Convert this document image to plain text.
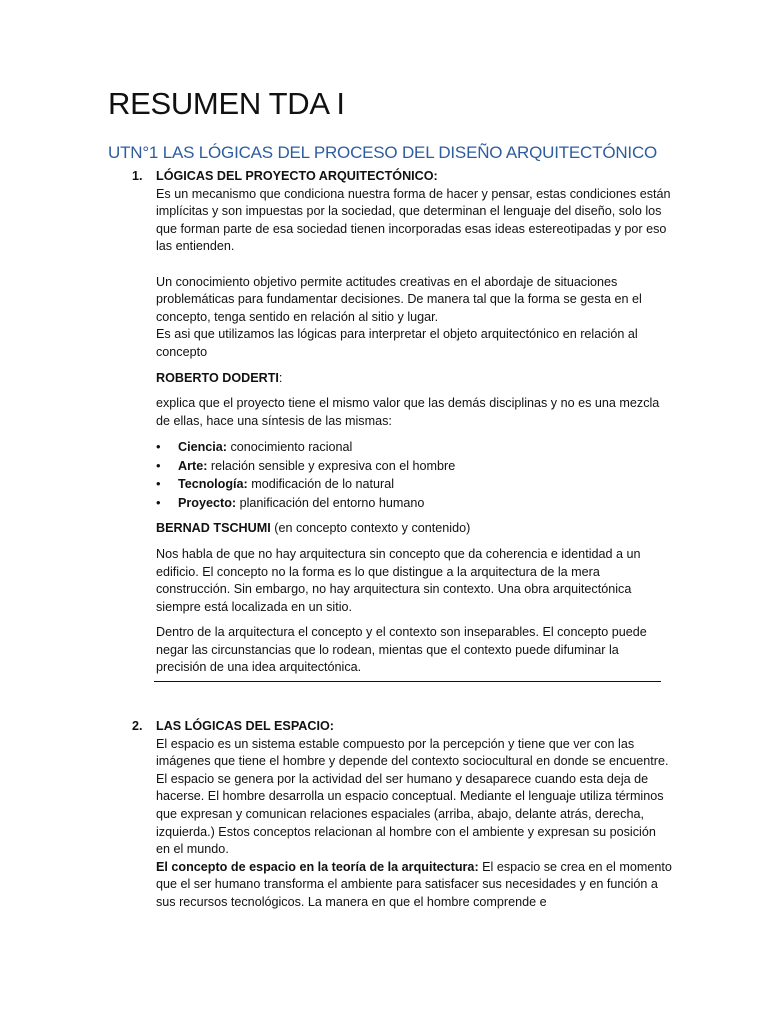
RESUMEN TDA I
UTN°1 LAS LÓGICAS DEL PROCESO DEL DISEÑO ARQUITECTÓNICO
1. LÓGICAS DEL PROYECTO ARQUITECTÓNICO:

Es un mecanismo que condiciona nuestra forma de hacer y pensar, estas condiciones están implícitas y son impuestas por la sociedad, que determinan el lenguaje del diseño, solo los que forman parte de esa sociedad tienen incorporadas esas ideas estereotipadas y por eso las entienden.

Un conocimiento objetivo permite actitudes creativas en el abordaje de situaciones problemáticas para fundamentar decisiones. De manera tal que la forma se gesta en el concepto, tenga sentido en relación al sitio y lugar.

Es asi que utilizamos las lógicas para interpretar el objeto arquitectónico en relación al concepto

ROBERTO DODERTI:

explica que el proyecto tiene el mismo valor que las demás disciplinas y no es una mezcla de ellas, hace una síntesis de las mismas:

• Ciencia: conocimiento racional
• Arte: relación sensible y expresiva con el hombre
• Tecnología: modificación de lo natural
• Proyecto: planificación del entorno humano

BERNAD TSCHUMI (en concepto contexto y contenido)

Nos habla de que no hay arquitectura sin concepto que da coherencia e identidad a un edificio. El concepto no la forma es lo que distingue a la arquitectura de la mera construcción. Sin embargo, no hay arquitectura sin contexto. Una obra arquitectónica siempre está localizada en un sitio.

Dentro de la arquitectura el concepto y el contexto son inseparables. El concepto puede negar las circunstancias que lo rodean, mientas que el contexto puede difuminar la precisión de una idea arquitectónica.

2. LAS LÓGICAS DEL ESPACIO:

El espacio es un sistema estable compuesto por la percepción y tiene que ver con las imágenes que tiene el hombre y depende del contexto sociocultural en donde se encuentre.

El espacio se genera por la actividad del ser humano y desaparece cuando esta deja de hacerse. El hombre desarrolla un espacio conceptual. Mediante el lenguaje utiliza términos que expresan y comunican relaciones espaciales (arriba, abajo, delante atrás, derecha, izquierda.) Estos conceptos relacionan al hombre con el ambiente y expresan su posición en el mundo.

El concepto de espacio en la teoría de la arquitectura: El espacio se crea en el momento que el ser humano transforma el ambiente para satisfacer sus necesidades y en función a sus recursos tecnológicos. La manera en que el hombre comprende e
